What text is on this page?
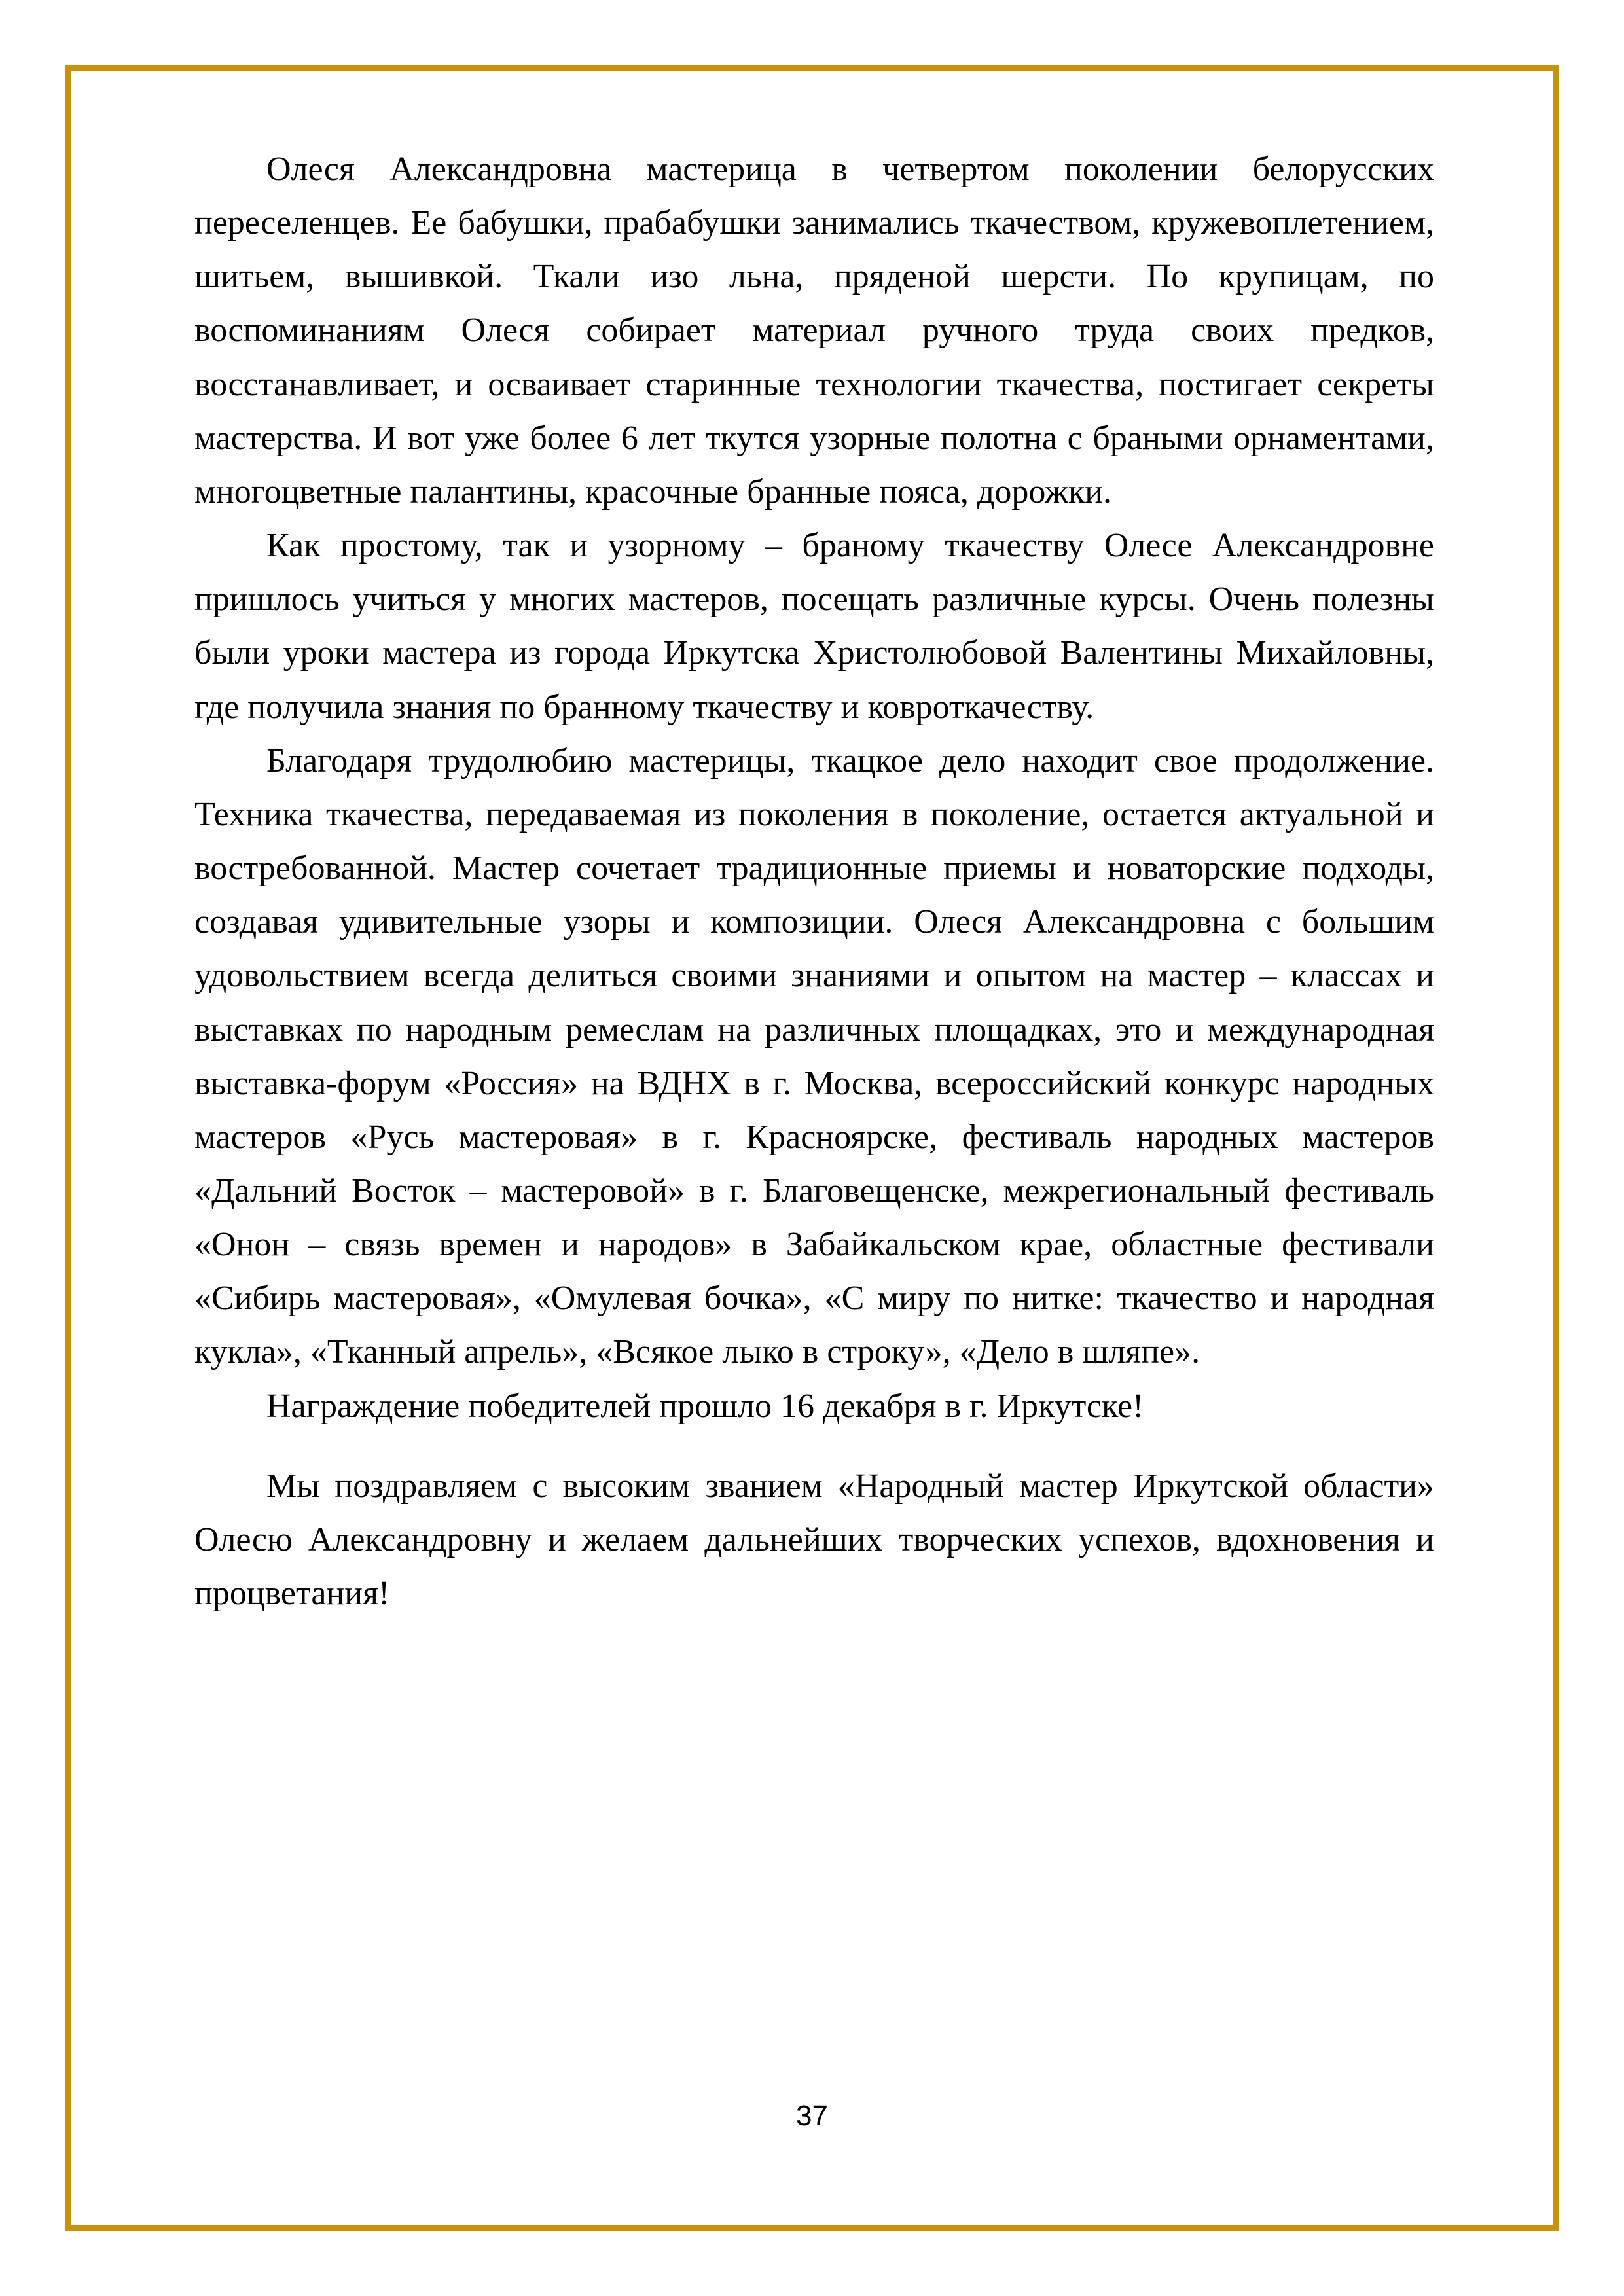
Олеся Александровна мастерица в четвертом поколении белорусских переселенцев. Ее бабушки, прабабушки занимались ткачеством, кружевоплетением, шитьем, вышивкой. Ткали изо льна, пряденой шерсти. По крупицам, по воспоминаниям Олеся собирает материал ручного труда своих предков, восстанавливает, и осваивает старинные технологии ткачества, постигает секреты мастерства. И вот уже более 6 лет ткутся узорные полотна с браными орнаментами, многоцветные палантины, красочные бранные пояса, дорожки.

Как простому, так и узорному – браному ткачеству Олесе Александровне пришлось учиться у многих мастеров, посещать различные курсы. Очень полезны были уроки мастера из города Иркутска Христолюбовой Валентины Михайловны, где получила знания по бранному ткачеству и ковроткачеству.

Благодаря трудолюбию мастерицы, ткацкое дело находит свое продолжение. Техника ткачества, передаваемая из поколения в поколение, остается актуальной и востребованной. Мастер сочетает традиционные приемы и новаторские подходы, создавая удивительные узоры и композиции. Олеся Александровна с большим удовольствием всегда делиться своими знаниями и опытом на мастер – классах и выставках по народным ремеслам на различных площадках, это и международная выставка-форум «Россия» на ВДНХ в г. Москва, всероссийский конкурс народных мастеров «Русь мастеровая» в г. Красноярске, фестиваль народных мастеров «Дальний Восток – мастеровой» в г. Благовещенске, межрегиональный фестиваль «Онон – связь времен и народов» в Забайкальском крае, областные фестивали «Сибирь мастеровая», «Омулевая бочка», «С миру по нитке: ткачество и народная кукла», «Тканный апрель», «Всякое лыко в строку», «Дело в шляпе».

Награждение победителей прошло 16 декабря в г. Иркутске!

Мы поздравляем с высоким званием «Народный мастер Иркутской области» Олесю Александровну и желаем дальнейших творческих успехов, вдохновения и процветания!

37
